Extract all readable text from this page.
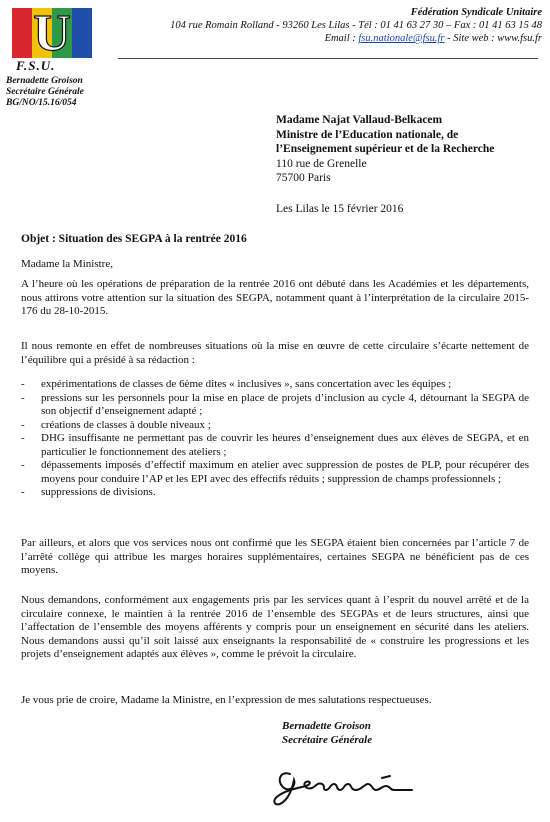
U
F.S.U.
Bernadette Groison
Secrétaire Générale
BG/NO/15.16/054
Fédération Syndicale Unitaire
104 rue Romain Rolland - 93260 Les Lilas - Tél : 01 41 63 27 30 – Fax : 01 41 63 15 48
Email : fsu.nationale@fsu.fr - Site web : www.fsu.fr
Madame Najat Vallaud-Belkacem
Ministre de l’Education nationale, de
l’Enseignement supérieur et de la Recherche
110 rue de Grenelle
75700 Paris
Les Lilas le 15 février 2016
Objet : Situation des SEGPA à la rentrée 2016
Madame la Ministre,
A l’heure où les opérations de préparation de la rentrée 2016 ont débuté dans les Académies et les départements, nous attirons votre attention sur la situation des SEGPA, notamment quant à l’interprétation de la circulaire 2015-176 du 28-10-2015.
Il nous remonte en effet de nombreuses situations où la mise en œuvre de cette circulaire s’écarte nettement de l’équilibre qui a présidé à sa rédaction :
- expérimentations de classes de 6ème dites « inclusives », sans concertation avec les équipes ;
- pressions sur les personnels pour la mise en place de projets d’inclusion au cycle 4, détournant la SEGPA de son objectif d’enseignement adapté ;
- créations de classes à double niveaux ;
- DHG insuffisante ne permettant pas de couvrir les heures d’enseignement dues aux élèves de SEGPA, et en particulier le fonctionnement des ateliers ;
- dépassements imposés d’effectif maximum en atelier avec suppression de postes de PLP, pour récupérer des moyens pour conduire l’AP et les EPI avec des effectifs réduits ; suppression de champs professionnels ;
- suppressions de divisions.
Par ailleurs, et alors que vos services nous ont confirmé que les SEGPA étaient bien concernées par l’article 7 de l’arrêté collège qui attribue les marges horaires supplémentaires, certaines SEGPA ne bénéficient pas de ces moyens.
Nous demandons, conformément aux engagements pris par les services quant à l’esprit du nouvel arrêté et de la circulaire connexe, le maintien à la rentrée 2016 de l’ensemble des SEGPAs et de leurs structures, ainsi que l’affectation de l’ensemble des moyens afférents y compris pour un enseignement en sécurité dans les ateliers. Nous demandons aussi qu’il soit laissé aux enseignants la responsabilité de « construire les progressions et les projets d’enseignement adaptés aux élèves », comme le prévoit la circulaire.
Je vous prie de croire, Madame la Ministre, en l’expression de mes salutations respectueuses.
Bernadette Groison
Secrétaire Générale
